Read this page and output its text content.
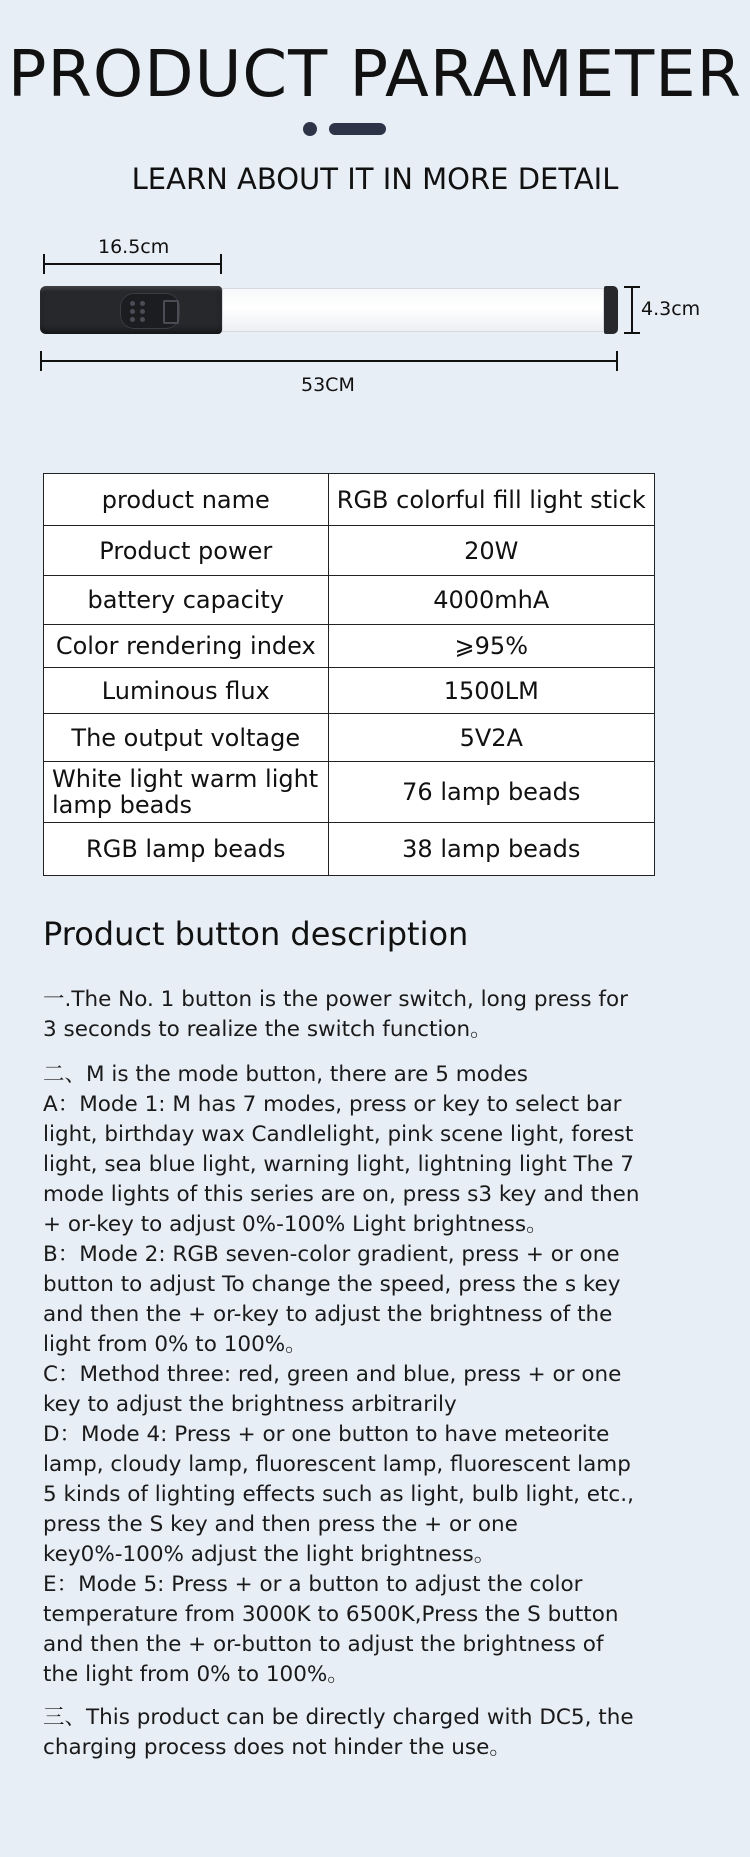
PRODUCT PARAMETER
LEARN ABOUT IT IN MORE DETAIL
16.5cm
4.3cm
53CM
product name	RGB colorful fill light stick
Product power	20W
battery capacity	4000mhA
Color rendering index	⩾95%
Luminous flux	1500LM
The output voltage	5V2A
White light warm light lamp beads	76 lamp beads
RGB lamp beads	38 lamp beads
Product button description

一.The No. 1 button is the power switch, long press for 3 seconds to realize the switch function。

二、M is the mode button, there are 5 modes

A：Mode 1: M has 7 modes, press or key to select bar light, birthday wax Candlelight, pink scene light, forest light, sea blue light, warning light, lightning light The 7 mode lights of this series are on, press s3 key and then + or-key to adjust 0%-100% Light brightness。

B：Mode 2: RGB seven-color gradient, press + or one button to adjust To change the speed, press the s key and then the + or-key to adjust the brightness of the light from 0% to 100%。

C：Method three: red, green and blue, press + or one key to adjust the brightness arbitrarily

D：Mode 4: Press + or one button to have meteorite lamp, cloudy lamp, fluorescent lamp, fluorescent lamp 5 kinds of lighting effects such as light, bulb light, etc., press the S key and then press the + or one key0%-100% adjust the light brightness。

E：Mode 5: Press + or a button to adjust the color temperature from 3000K to 6500K,Press the S button and then the + or-button to adjust the brightness of the light from 0% to 100%。

三、This product can be directly charged with DC5, the charging process does not hinder the use。
